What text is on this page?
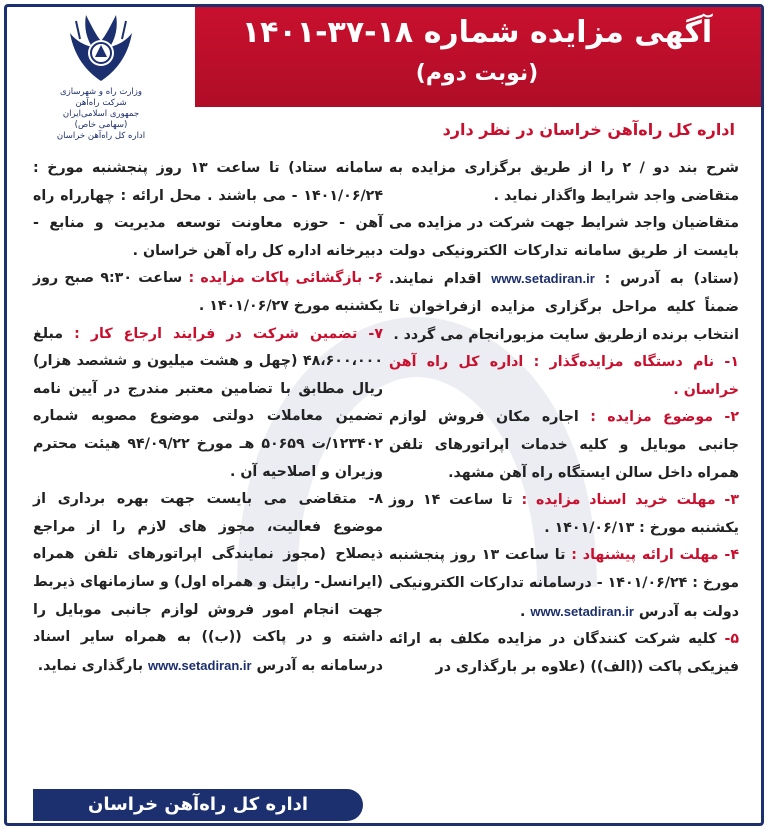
آگهی مزایده شماره ۱۸-۳۷-۱۴۰۱
(نوبت دوم)
وزارت راه و شهرسازی
شرکت راه‌آهن
جمهوری اسلامی‌ایران
(سهامی خاص)
اداره کل راه‌آهن خراسان	اداره کل راه‌آهن خراسان در نظر دارد

شرح بند دو / ۲ را از طریق برگزاری مزایده به متقاضی واجد شرایط واگذار نماید .

متقاضیان واجد شرایط جهت شرکت در مزایده می بایست از طریق سامانه تدارکات الکترونیکی دولت (ستاد) به آدرس : www.setadiran.ir اقدام نمایند. ضمناً کلیه مراحل برگزاری مزایده ازفراخوان تا انتخاب برنده ازطریق سایت مزبورانجام می گردد .

۱- نام دستگاه مزایده‌گذار : اداره کل راه آهن خراسان .

۲- موضوع مزایده : اجاره مکان فروش لوازم جانبی موبایل و کلیه خدمات اپراتورهای تلفن همراه داخل سالن ایستگاه راه آهن مشهد.

۳- مهلت خرید اسناد مزایده : تا ساعت ۱۴ روز یکشنبه مورخ : ۱۴۰۱/۰۶/۱۳ .

۴- مهلت ارائه پیشنهاد : تا ساعت ۱۳ روز پنجشنبه مورخ : ۱۴۰۱/۰۶/۲۴ - درسامانه تدارکات الکترونیکی دولت به آدرس www.setadiran.ir .

۵- کلیه شرکت کنندگان در مزایده مکلف به ارائه فیزیکی پاکت ((الف)) (علاوه بر بارگذاری در

سامانه ستاد) تا ساعت ۱۳ روز پنجشنبه مورخ : ۱۴۰۱/۰۶/۲۴ - می باشند . محل ارائه : چهارراه راه آهن - حوزه معاونت توسعه مدیریت و منابع - دبیرخانه اداره کل راه آهن خراسان .

۶- بازگشائی پاکات مزایده : ساعت ۹:۳۰ صبح روز یکشنبه مورخ ۱۴۰۱/۰۶/۲۷ .

۷- تضمین شرکت در فرایند ارجاع کار : مبلغ ۴۸،۶۰۰،۰۰۰ (چهل و هشت میلیون و ششصد هزار) ریال مطابق با تضامین معتبر مندرج در آیین نامه تضمین معاملات دولتی موضوع مصوبه شماره ۱۲۳۴۰۲/ت ۵۰۶۵۹ هـ مورخ ۹۴/۰۹/۲۲ هیئت محترم وزیران و اصلاحیه آن .

۸- متقاضی می بایست جهت بهره برداری از موضوع فعالیت، مجوز های لازم را از مراجع ذیصلاح (مجوز نمایندگی اپراتورهای تلفن همراه (ایرانسل- رایتل و همراه اول) و سازمانهای ذیربط جهت انجام امور فروش لوازم جانبی موبایل را داشته و در پاکت ((ب)) به همراه سایر اسناد درسامانه به آدرس www.setadiran.ir بارگذاری نماید.

اداره کل راه‌آهن خراسان
